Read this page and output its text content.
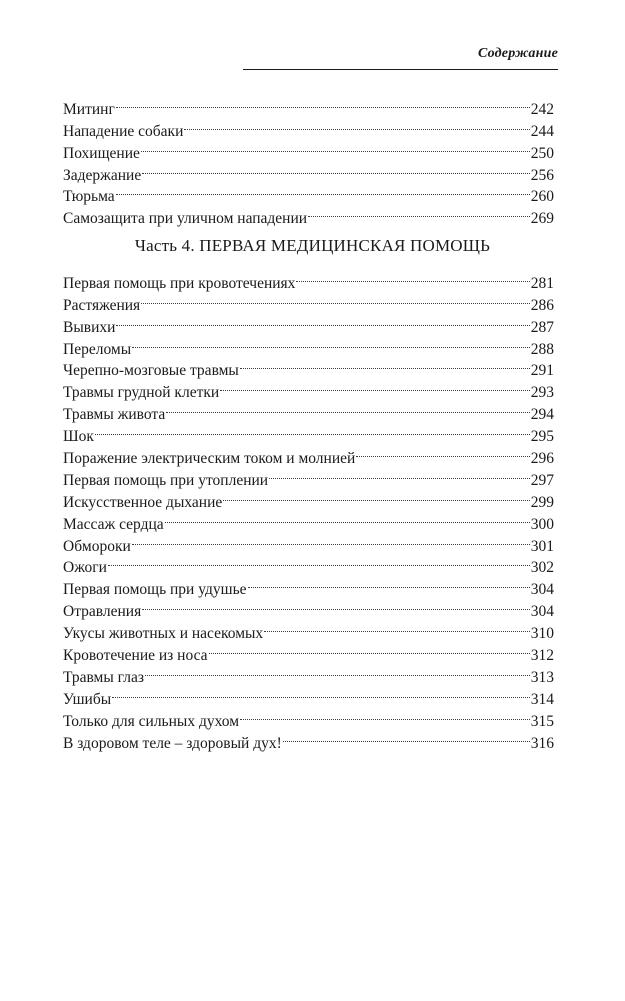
Содержание
Митинг	242
Нападение собаки	244
Похищение	250
Задержание	256
Тюрьма	260
Самозащита при уличном нападении	269
Часть 4. ПЕРВАЯ МЕДИЦИНСКАЯ ПОМОЩЬ
Первая помощь при кровотечениях	281
Растяжения	286
Вывихи	287
Переломы	288
Черепно-мозговые травмы	291
Травмы грудной клетки	293
Травмы живота	294
Шок	295
Поражение электрическим током и молнией	296
Первая помощь при утоплении	297
Искусственное дыхание	299
Массаж сердца	300
Обмороки	301
Ожоги	302
Первая помощь при удушье	304
Отравления	304
Укусы животных и насекомых	310
Кровотечение из носа	312
Травмы глаз	313
Ушибы	314
Только для сильных духом	315
В здоровом теле – здоровый дух!	316
